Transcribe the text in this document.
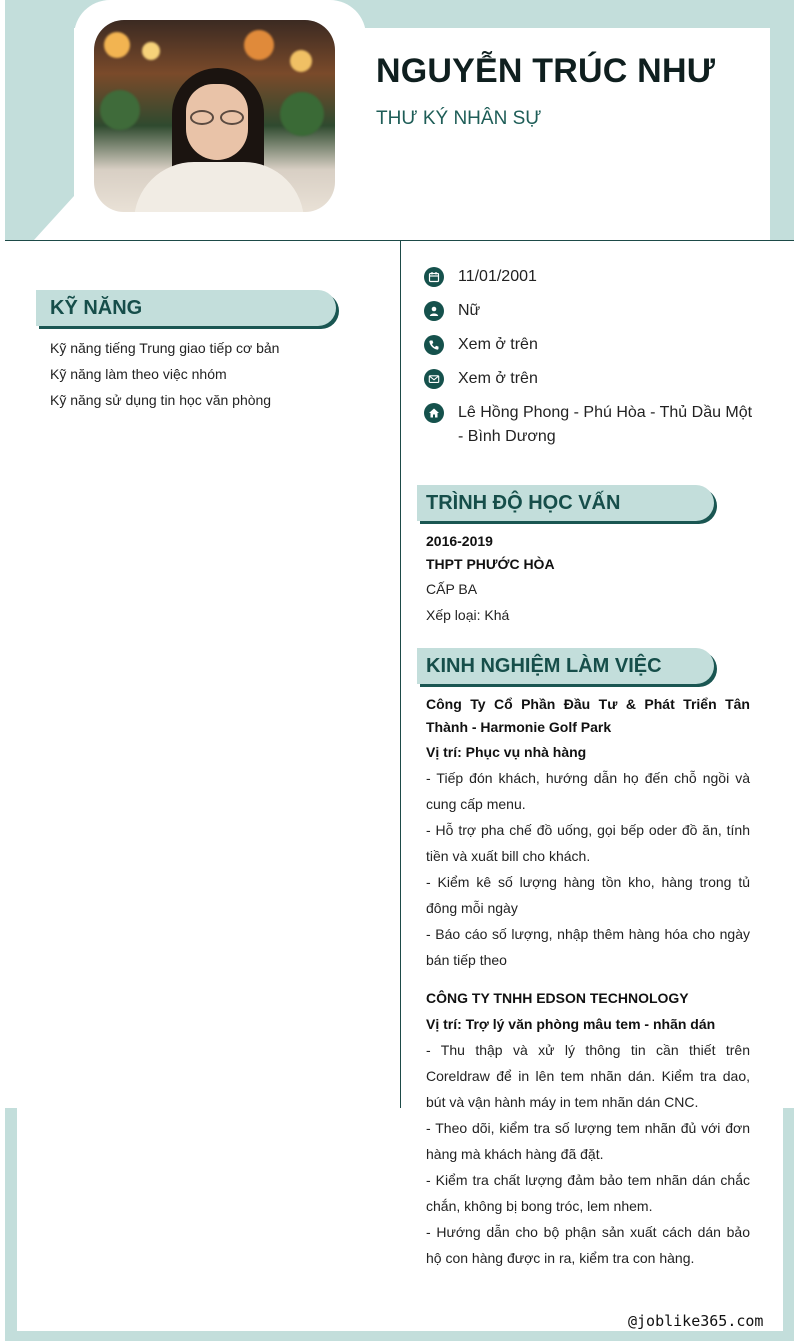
NGUYỄN TRÚC NHƯ
THƯ KÝ NHÂN SỰ
KỸ NĂNG
Kỹ năng tiếng Trung giao tiếp cơ bản
Kỹ năng làm theo việc nhóm
Kỹ năng sử dụng tin học văn phòng
11/01/2001
Nữ
Xem ở trên
Xem ở trên
Lê Hồng Phong - Phú Hòa - Thủ Dầu Một - Bình Dương
TRÌNH ĐỘ HỌC VẤN
2016-2019
THPT PHƯỚC HÒA
CẤP BA
Xếp loại: Khá
KINH NGHIỆM LÀM VIỆC

Công Ty Cổ Phần Đầu Tư & Phát Triển Tân Thành - Harmonie Golf Park

Vị trí: Phục vụ nhà hàng

- Tiếp đón khách, hướng dẫn họ đến chỗ ngồi và cung cấp menu.

- Hỗ trợ pha chế đồ uống, gọi bếp oder đồ ăn, tính tiền và xuất bill cho khách.

- Kiểm kê số lượng hàng tồn kho, hàng trong tủ đông mỗi ngày

- Báo cáo số lượng, nhập thêm hàng hóa cho ngày bán tiếp theo

CÔNG TY TNHH EDSON TECHNOLOGY

Vị trí: Trợ lý văn phòng mâu tem - nhãn dán

- Thu thập và xử lý thông tin cần thiết trên Coreldraw để in lên tem nhãn dán. Kiểm tra dao, bút và vận hành máy in tem nhãn dán CNC.

- Theo dõi, kiểm tra số lượng tem nhãn đủ với đơn hàng mà khách hàng đã đặt.

- Kiểm tra chất lượng đảm bảo tem nhãn dán chắc chắn, không bị bong tróc, lem nhem.

- Hướng dẫn cho bộ phận sản xuất cách dán bảo hộ con hàng được in ra, kiểm tra con hàng.

@joblike365.com
